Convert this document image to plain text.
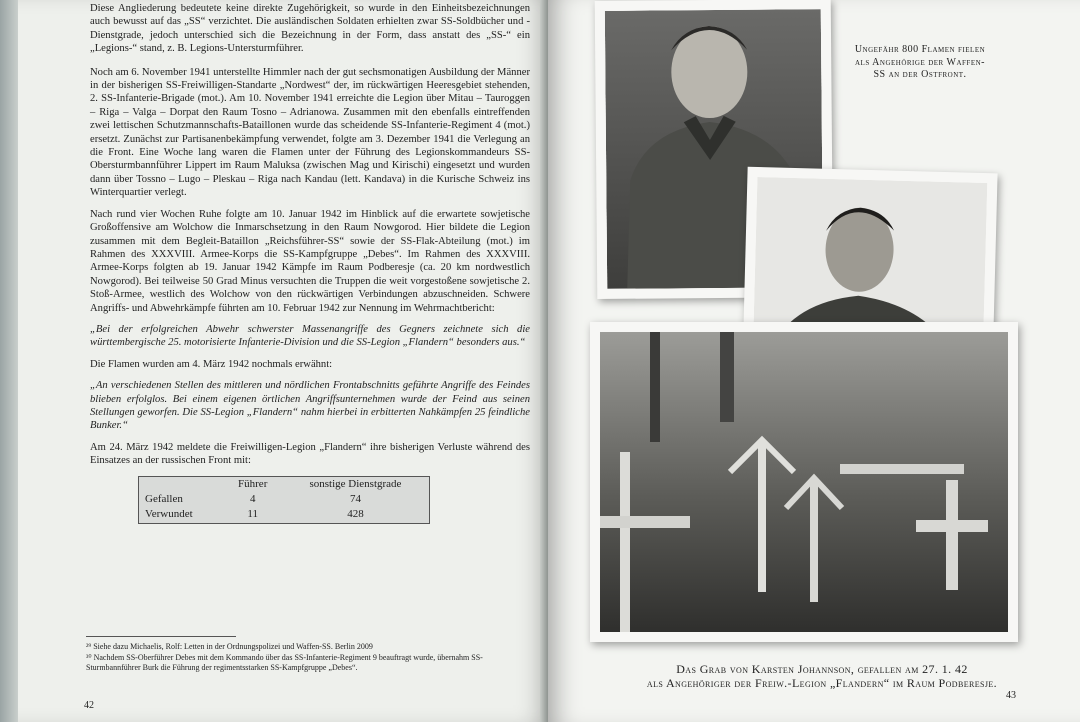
Diese Angliederung bedeutete keine direkte Zugehörigkeit, so wurde in den Einheitsbezeichnungen auch bewusst auf das „SS“ verzichtet. Die ausländischen Soldaten erhielten zwar SS-Soldbücher und -Dienstgrade, jedoch unterschied sich die Bezeichnung in der Form, dass anstatt des „SS-“ ein „Legions-“ stand, z. B. Legions-Untersturmführer.

Noch am 6. November 1941 unterstellte Himmler nach der gut sechsmonatigen Ausbildung der Männer in der bisherigen SS-Freiwilligen-Standarte „Nordwest“ der, im rückwärtigen Heeresgebiet stehenden, 2. SS-Infanterie-Brigade (mot.). Am 10. November 1941 erreichte die Legion über Mitau – Tauroggen – Riga – Valga – Dorpat den Raum Tosno – Adrianowa. Zusammen mit den ebenfalls eintreffenden zwei lettischen Schutzmannschafts-Bataillonen wurde das scheidende SS-Infanterie-Regiment 4 (mot.) ersetzt. Zunächst zur Partisanenbekämpfung verwendet, folgte am 3. Dezember 1941 die Verlegung an die Front. Eine Woche lang waren die Flamen unter der Führung des Legionskommandeurs SS-Obersturmbannführer Lippert im Raum Maluksa (zwischen Mag und Kirischi) eingesetzt und wurden dann über Tossno – Lugo – Pleskau – Riga nach Kandau (lett. Kandava) in die Kurische Schweiz ins Winterquartier verlegt.

Nach rund vier Wochen Ruhe folgte am 10. Januar 1942 im Hinblick auf die erwartete sowjetische Großoffensive am Wolchow die Inmarschsetzung in den Raum Nowgorod. Hier bildete die Legion zusammen mit dem Begleit-Bataillon „Reichsführer-SS“ sowie der SS-Flak-Abteilung (mot.) im Rahmen des XXXVIII. Armee-Korps die SS-Kampfgruppe „Debes“. Im Rahmen des XXXVIII. Armee-Korps folgten ab 19. Januar 1942 Kämpfe im Raum Podberesje (ca. 20 km nordwestlich Nowgorod). Bei teilweise 50 Grad Minus versuchten die Truppen die weit vorgestoßene sowjetische 2. Stoß-Armee, westlich des Wolchow von den rückwärtigen Verbindungen abzuschneiden. Schwere Angriffs- und Abwehrkämpfe führten am 10. Februar 1942 zur Nennung im Wehrmachtbericht:

„Bei der erfolgreichen Abwehr schwerster Massenangriffe des Gegners zeichnete sich die württembergische 25. motorisierte Infanterie-Division und die SS-Legion „Flandern“ besonders aus.“

Die Flamen wurden am 4. März 1942 nochmals erwähnt:

„An verschiedenen Stellen des mittleren und nördlichen Frontabschnitts geführte Angriffe des Feindes blieben erfolglos. Bei einem eigenen örtlichen Angriffsunternehmen wurde der Feind aus seinen Stellungen geworfen. Die SS-Legion „Flandern“ nahm hierbei in erbitterten Nahkämpfen 25 feindliche Bunker.“

Am 24. März 1942 meldete die Freiwilligen-Legion „Flandern“ ihre bisherigen Verluste während des Einsatzes an der russischen Front mit:

	Führer	sonstige Dienstgrade
Gefallen	4	74
Verwundet	11	428

²⁹ Siehe dazu Michaelis, Rolf: Letten in der Ordnungspolizei und Waffen-SS. Berlin 2009

³⁰ Nachdem SS-Oberführer Debes mit dem Kommando über das SS-Infanterie-Regiment 9 beauftragt wurde, übernahm SS-Sturmbannführer Burk die Führung der regimentsstarken SS-Kampfgruppe „Debes“.

42
Ungefähr 800 Flamen fielen als Angehörige der Waffen-SS an der Ostfront.
Das Grab von Karsten Johannson, gefallen am 27. 1. 42
als Angehöriger der Freiw.-Legion „Flandern“ im Raum Podberesje.
43
